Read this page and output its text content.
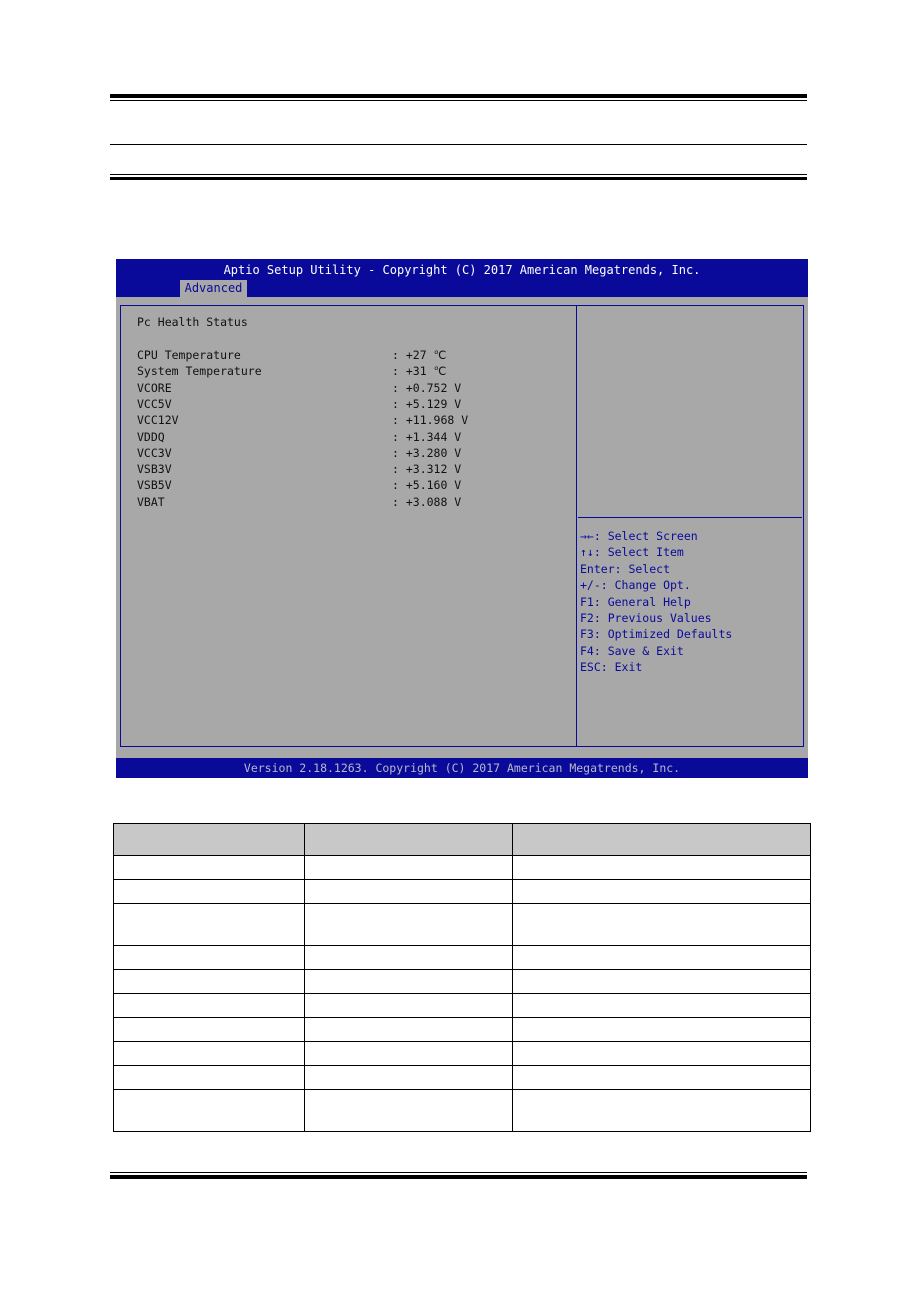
Aptio Setup Utility - Copyright (C) 2017 American Megatrends, Inc.
Advanced
Pc Health Status
Version 2.18.1263. Copyright (C) 2017 American Megatrends, Inc.
CPU Temperature	: +27 ℃
System Temperature	: +31 ℃
VCORE	: +0.752 V
VCC5V	: +5.129 V
VCC12V	: +11.968 V
VDDQ	: +1.344 V
VCC3V	: +3.280 V
VSB3V	: +3.312 V
VSB5V	: +5.160 V
VBAT	: +3.088 V
→←: Select Screen
↑↓: Select Item
Enter: Select
+/-: Change Opt.
F1: General Help
F2: Previous Values
F3: Optimized Defaults
F4: Save & Exit
ESC: Exit
